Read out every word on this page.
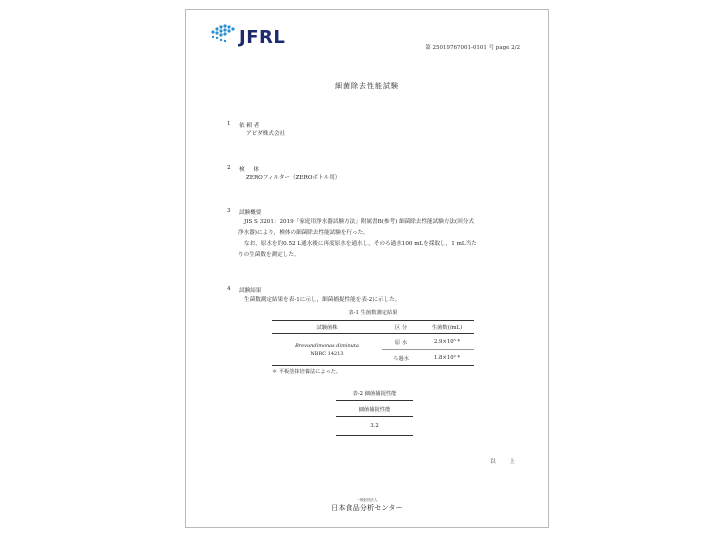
JFRL	第 25019767001-0101 号 page 2/2
細菌除去性能試験
1 依 頼 者
アピダ株式会社
2 検     体
ZEROフィルター（ZEROボトル用）
3 試験概要
JIS S 3201：2019「家庭用浄水器試験方法」附属書B(参考) 細菌除去性能試験方法(回分式
浄水器)により，検体の細菌除去性能試験を行った。
なお，原水を約0.52 L通水後に再度原水を通水し，そのろ過水100 mLを採取し，1 mL当た
りの生菌数を測定した。
4 試験結果
生菌数測定結果を表-1に示し，細菌捕捉性能を表-2に示した。
表-1 生菌数測定結果
試験菌株	区 分	生菌数(/mL)

Brevundimonas diminuta
NBRC 14213	原 水	2.9×10⁵ *
	ろ過水	1.8×10² *
＊ 平板塗抹培養法によった。
表-2 細菌捕捉性能
細菌捕捉性能
3.2
以 上
一般財団法人
日本食品分析センター
